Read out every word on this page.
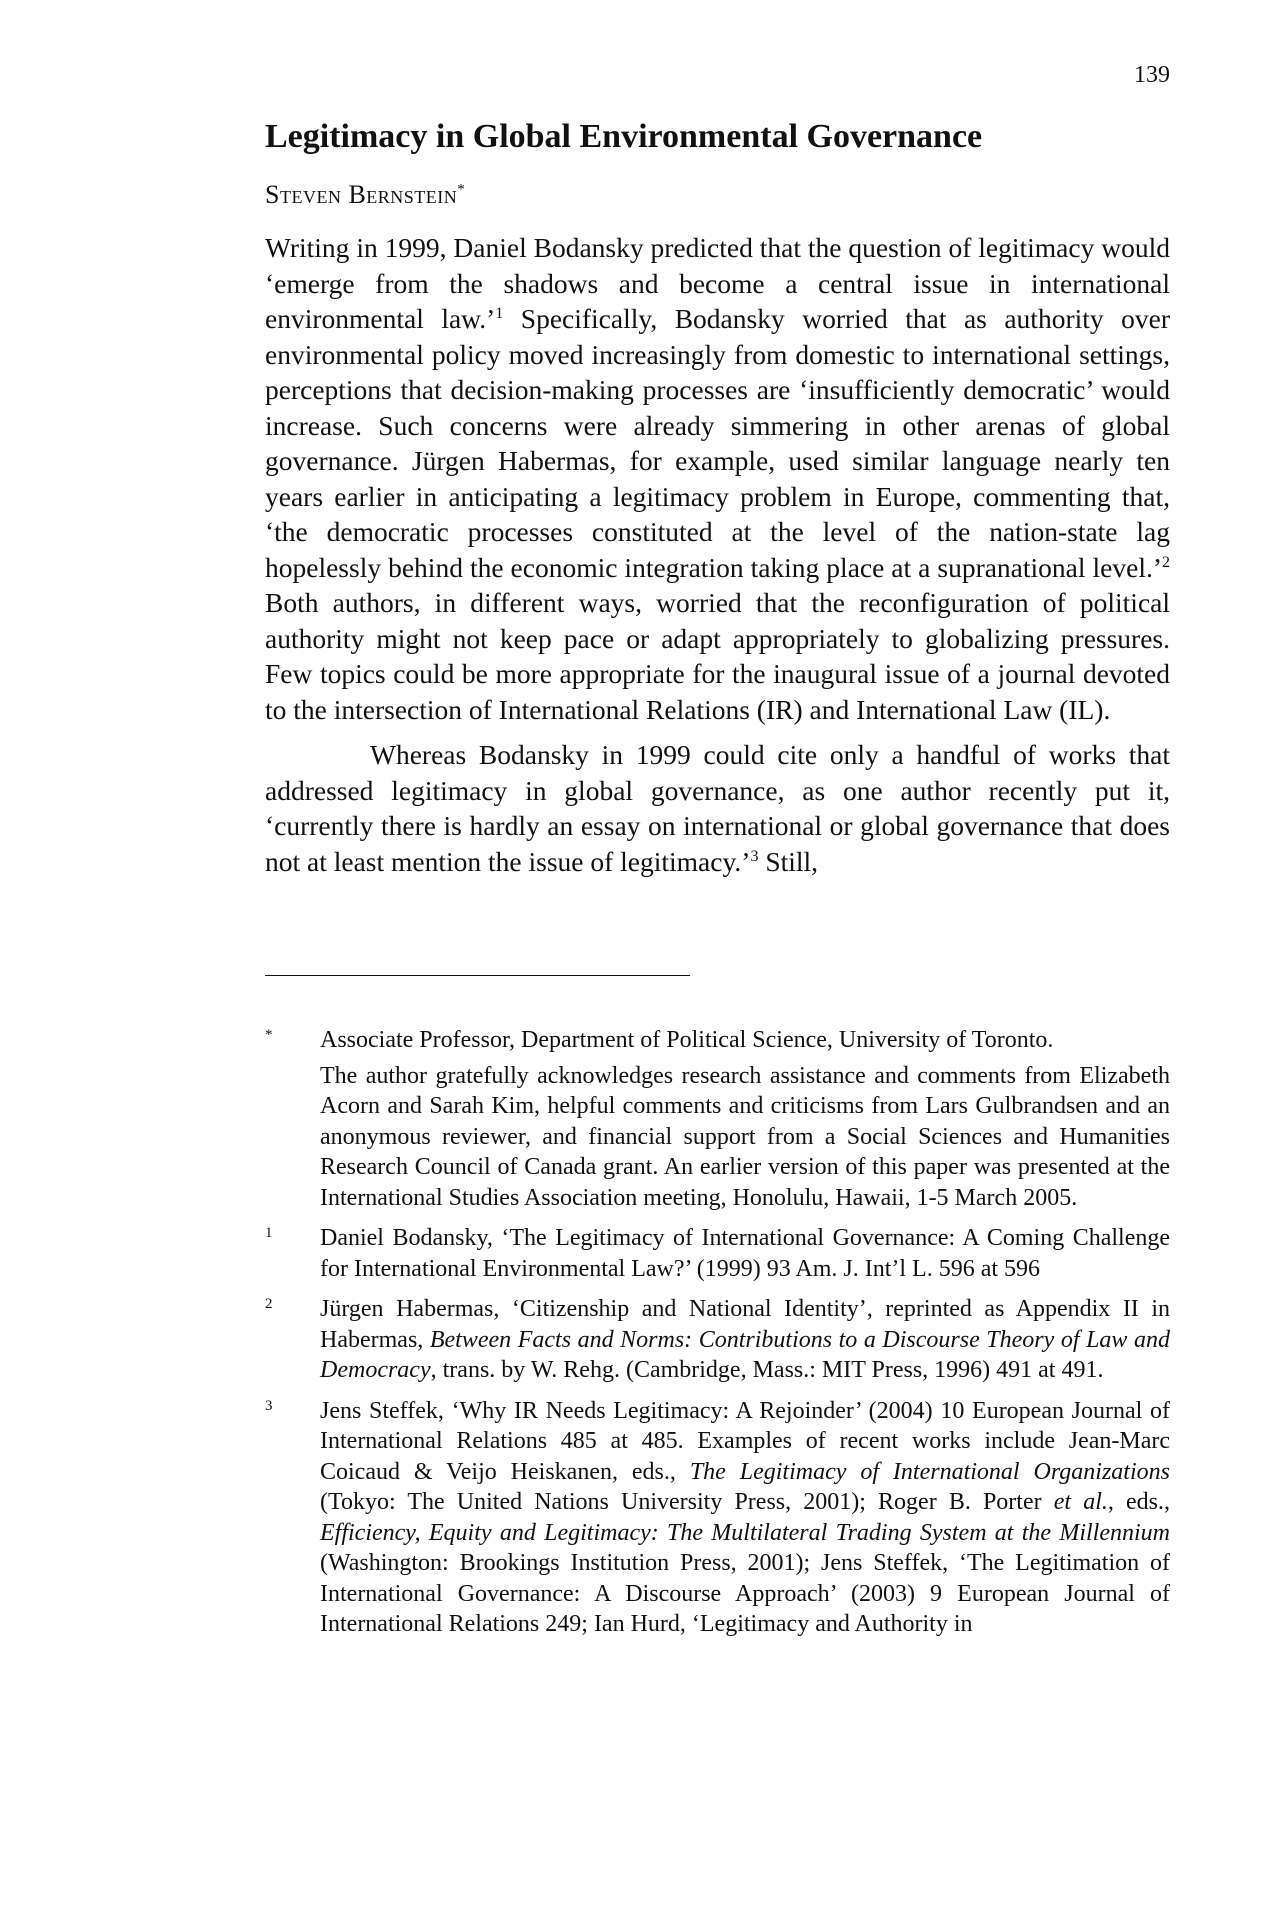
139
Legitimacy in Global Environmental Governance
Steven Bernstein*

Writing in 1999, Daniel Bodansky predicted that the question of legitimacy would ‘emerge from the shadows and become a central issue in international environmental law.’$^1$ Specifically, Bodansky worried that as authority over environmental policy moved increasingly from domestic to international settings, perceptions that decision-making processes are ‘insufficiently democratic’ would increase. Such concerns were already simmering in other arenas of global governance. Jürgen Habermas, for example, used similar language nearly ten years earlier in anticipating a legitimacy problem in Europe, commenting that, ‘the democratic processes constituted at the level of the nation-state lag hopelessly behind the economic integration taking place at a supranational level.’$^2$ Both authors, in different ways, worried that the reconfiguration of political authority might not keep pace or adapt appropriately to globalizing pressures. Few topics could be more appropriate for the inaugural issue of a journal devoted to the intersection of International Relations (IR) and International Law (IL).

Whereas Bodansky in 1999 could cite only a handful of works that addressed legitimacy in global governance, as one author recently put it, ‘currently there is hardly an essay on international or global governance that does not at least mention the issue of legitimacy.’$^3$ Still,

*	Associate Professor, Department of Political Science, University of Toronto.

The author gratefully acknowledges research assistance and comments from Elizabeth Acorn and Sarah Kim, helpful comments and criticisms from Lars Gulbrandsen and an anonymous reviewer, and financial support from a Social Sciences and Humanities Research Council of Canada grant. An earlier version of this paper was presented at the International Studies Association meeting, Honolulu, Hawaii, 1-5 March 2005.

1	Daniel Bodansky, ‘The Legitimacy of International Governance: A Coming Challenge for International Environmental Law?’ (1999) 93 Am. J. Int’l L. 596 at 596

2	Jürgen Habermas, ‘Citizenship and National Identity’, reprinted as Appendix II in Habermas, Between Facts and Norms: Contributions to a Discourse Theory of Law and Democracy, trans. by W. Rehg. (Cambridge, Mass.: MIT Press, 1996) 491 at 491.

3	Jens Steffek, ‘Why IR Needs Legitimacy: A Rejoinder’ (2004) 10 European Journal of International Relations 485 at 485. Examples of recent works include Jean-Marc Coicaud & Veijo Heiskanen, eds., The Legitimacy of International Organizations (Tokyo: The United Nations University Press, 2001); Roger B. Porter et al., eds., Efficiency, Equity and Legitimacy: The Multilateral Trading System at the Millennium (Washington: Brookings Institution Press, 2001); Jens Steffek, ‘The Legitimation of International Governance: A Discourse Approach’ (2003) 9 European Journal of International Relations 249; Ian Hurd, ‘Legitimacy and Authority in
